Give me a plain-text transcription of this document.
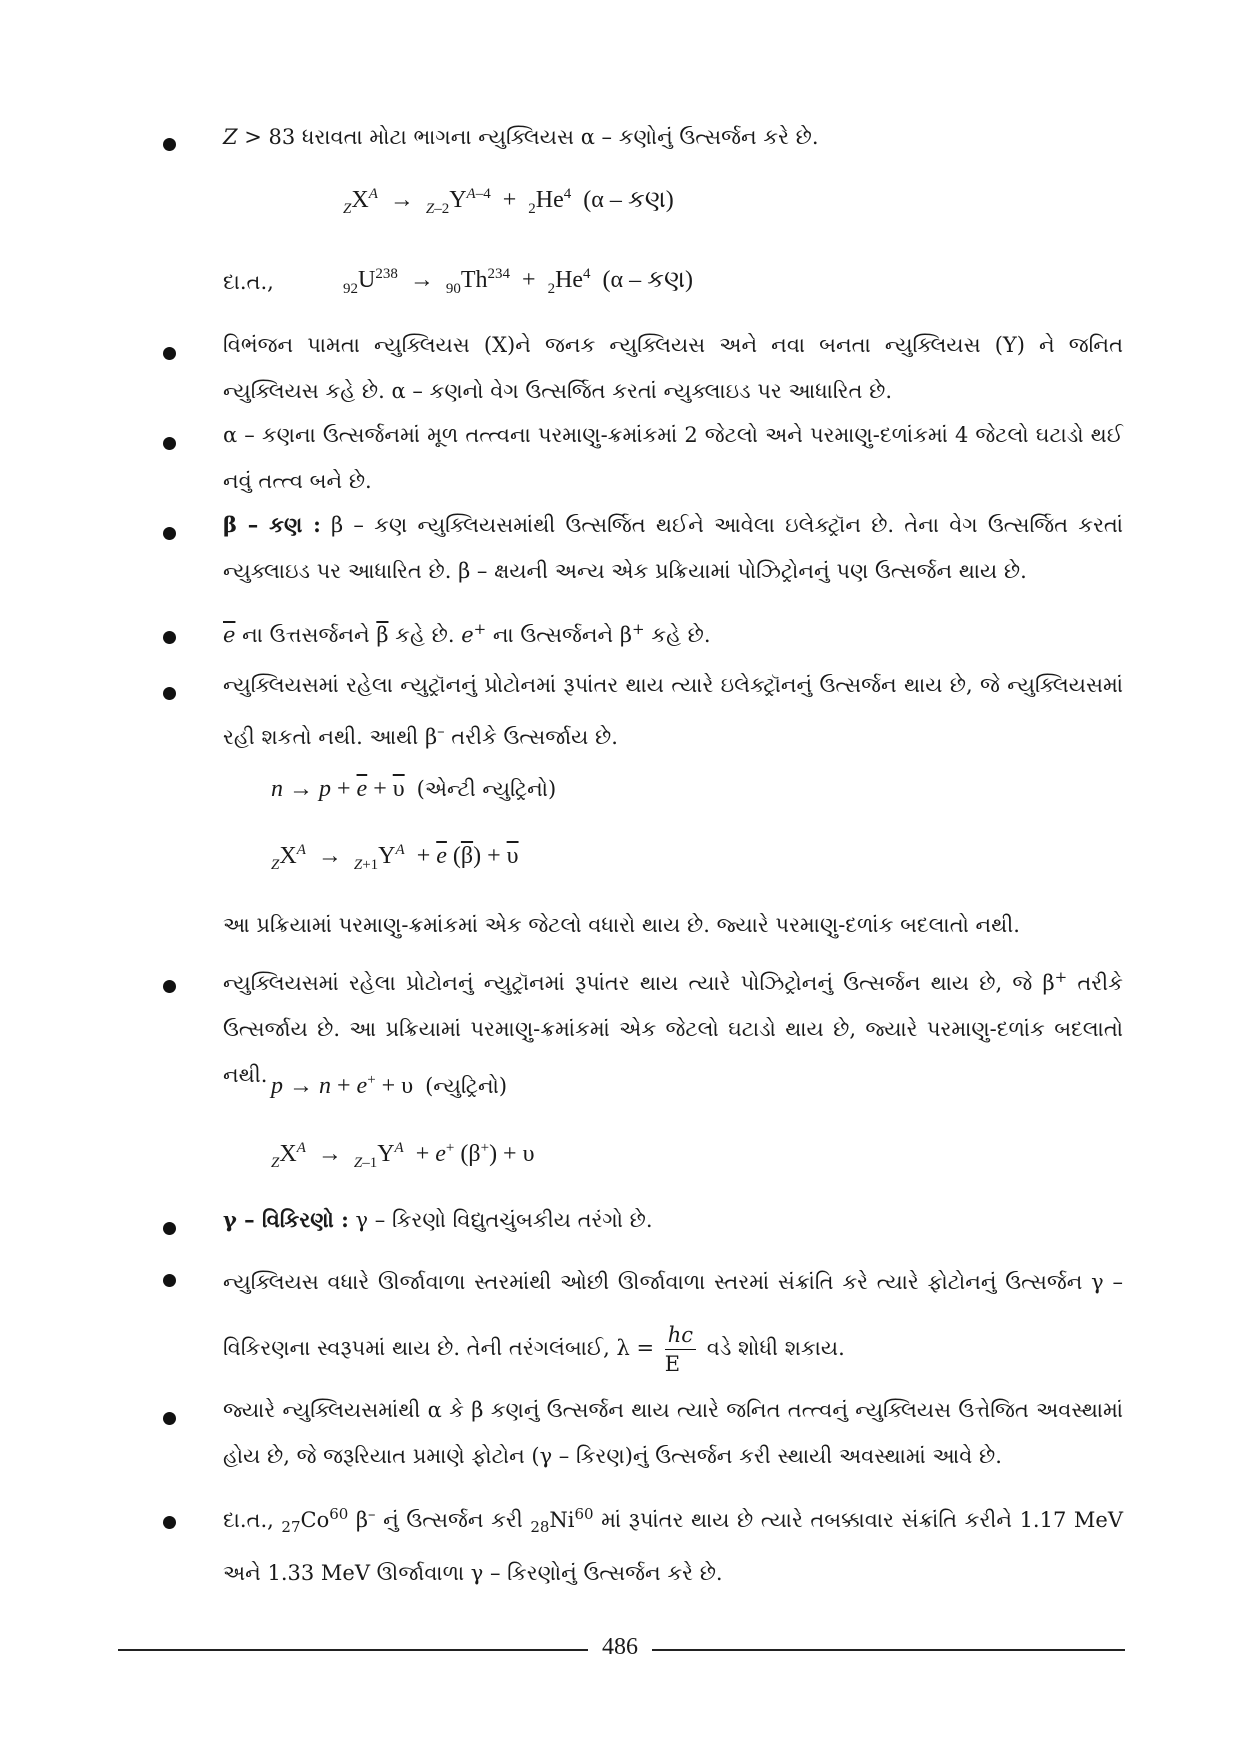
Z > 83 ધરાવતા મોટા ભાગના ન્યુક્લિયસ α – કણોનું ઉત્સર્જન કરે છે.
$_ZX^A \to _{Z-2}Y^{A-4} + _2He^4$ (α – કણ)
દા.ત.,	$_{92}U^{238} \to _{90}Th^{234} + _2He^4$  (α – કણ)
વિભંજન પામતા ન્યુક્લિયસ (X)ને જનક ન્યુક્લિયસ અને નવા બનતા ન્યુક્લિયસ (Y) ને જનિત ન્યુક્લિયસ કહે છે. α – કણનો વેગ ઉત્સર્જિત કરતાં ન્યુક્લાઇડ પર આધારિત છે.
α – કણના ઉત્સર્જનમાં મૂળ તત્ત્વના પરમાણુ-ક્રમાંકમાં 2 જેટલો અને પરમાણુ-દળાંકમાં 4 જેટલો ઘટાડો થઈ નવું તત્ત્વ બને છે.
β – કણ : β – કણ ન્યુક્લિયસમાંથી ઉત્સર્જિત થઈને આવેલા ઇલેક્ટ્રૉન છે. તેના વેગ ઉત્સર્જિત કરતાં ન્યુક્લાઇડ પર આધારિત છે. β – ક્ષયની અન્ય એક પ્રક્રિયામાં પોઝિટ્રોનનું પણ ઉત્સર્જન થાય છે.
$\overline{e}$ ના ઉત્તસર્જનને $\overline{\beta}$ કહે છે. e+ ના ઉત્સર્જનને β+ કહે છે.
ન્યુક્લિયસમાં રહેલા ન્યુટ્રૉનનું પ્રોટોનમાં રૂપાંતર થાય ત્યારે ઇલેક્ટ્રૉનનું ઉત્સર્જન થાય છે, જે ન્યુક્લિયસમાં રહી શકતો નથી. આથી β– તરીકે ઉત્સર્જાય છે.
$n \to p + \overline{e} + \overline{\upsilon}$ (એન્ટી ન્યુટ્રિનો)
$_ZX^A \to _{Z+1}Y^A + \overline{e}$ $(\overline{\beta}) + \overline{\upsilon}$
આ પ્રક્રિયામાં પરમાણુ-ક્રમાંકમાં એક જેટલો વધારો થાય છે. જ્યારે પરમાણુ-દળાંક બદલાતો નથી.
ન્યુક્લિયસમાં રહેલા પ્રોટોનનું ન્યુટ્રૉનમાં રૂપાંતર થાય ત્યારે પોઝિટ્રોનનું ઉત્સર્જન થાય છે, જે β+ તરીકે ઉત્સર્જાય છે. આ પ્રક્રિયામાં પરમાણુ-ક્રમાંકમાં એક જેટલો ઘટાડો થાય છે, જ્યારે પરમાણુ-દળાંક બદલાતો નથી. p → n + e+ + υ  (ન્યુટ્રિનો)
$_ZX^A \to _{Z-1}Y^A + e^+$ (β+) + υ
γ – વિકિરણો : γ – કિરણો વિદ્યુતચુંબકીય તરંગો છે.
ન્યુક્લિયસ વધારે ઊર્જાવાળા સ્તરમાંથી ઓછી ઊર્જાવાળા સ્તરમાં સંક્રાંતિ કરે ત્યારે ફોટોનનું ઉત્સર્જન γ – વિકિરણના સ્વરૂપમાં થાય છે. તેની તરંગલંબાઈ, $\lambda = \frac{hc}{E}$ વડે શોધી શકાય.
જ્યારે ન્યુક્લિયસમાંથી α કે β કણનું ઉત્સર્જન થાય ત્યારે જનિત તત્ત્વનું ન્યુક્લિયસ ઉત્તેજિત અવસ્થામાં હોય છે, જે જરૂરિયાત પ્રમાણે ફોટોન (γ – કિરણ)નું ઉત્સર્જન કરી સ્થાયી અવસ્થામાં આવે છે.
દા.ત., $_{27}Co^{60}$ β– નું ઉત્સર્જન કરી $_{28}Ni^{60}$ માં રૂપાંતર થાય છે ત્યારે તબક્કાવાર સંક્રાંતિ કરીને 1.17 MeV અને 1.33 MeV ઊર્જાવાળા γ – કિરણોનું ઉત્સર્જન કરે છે.
486
